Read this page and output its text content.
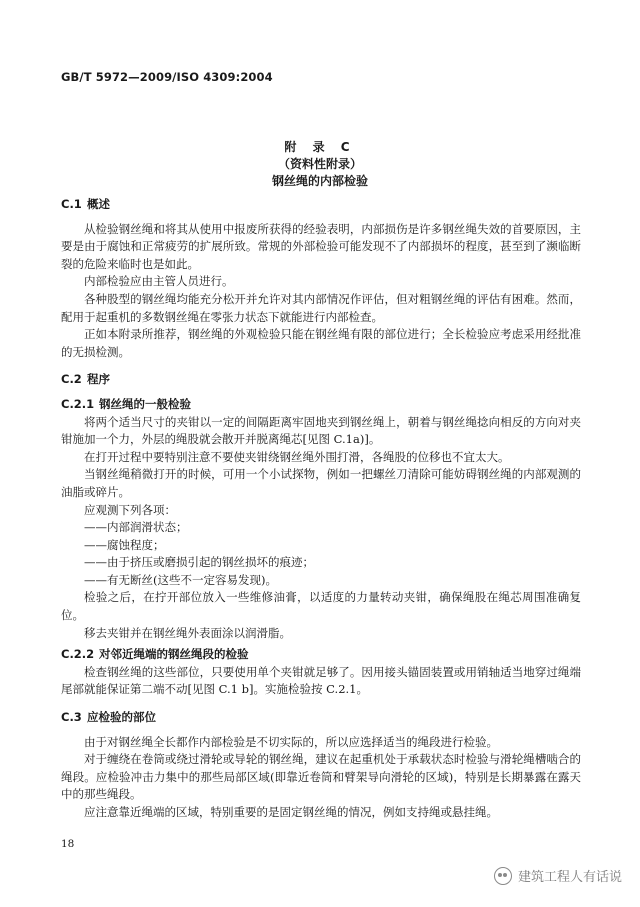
GB/T 5972—2009/ISO 4309:2004
附 录 C
（资料性附录）
钢丝绳的内部检验
C.1 概述

从检验钢丝绳和将其从使用中报废所获得的经验表明，内部损伤是许多钢丝绳失效的首要原因，主要是由于腐蚀和正常疲劳的扩展所致。常规的外部检验可能发现不了内部损坏的程度，甚至到了濒临断裂的危险来临时也是如此。

内部检验应由主管人员进行。

各种股型的钢丝绳均能充分松开并允许对其内部情况作评估，但对粗钢丝绳的评估有困难。然而，配用于起重机的多数钢丝绳在零张力状态下就能进行内部检查。

正如本附录所推荐，钢丝绳的外观检验只能在钢丝绳有限的部位进行；全长检验应考虑采用经批准的无损检测。

C.2 程序
C.2.1 钢丝绳的一般检验

将两个适当尺寸的夹钳以一定的间隔距离牢固地夹到钢丝绳上，朝着与钢丝绳捻向相反的方向对夹钳施加一个力，外层的绳股就会散开并脱离绳芯[见图 C.1a)]。

在打开过程中要特别注意不要使夹钳绕钢丝绳外围打滑，各绳股的位移也不宜太大。

当钢丝绳稍微打开的时候，可用一个小试探物，例如一把螺丝刀清除可能妨碍钢丝绳的内部观测的油脂或碎片。

应观测下列各项：

——内部润滑状态；

——腐蚀程度；

——由于挤压或磨损引起的钢丝损坏的痕迹；

——有无断丝(这些不一定容易发现)。

检验之后，在拧开部位放入一些维修油膏，以适度的力量转动夹钳，确保绳股在绳芯周围准确复位。

移去夹钳并在钢丝绳外表面涂以润滑脂。

C.2.2 对邻近绳端的钢丝绳段的检验

检查钢丝绳的这些部位，只要使用单个夹钳就足够了。因用接头锚固装置或用销轴适当地穿过绳端尾部就能保证第二端不动[见图 C.1 b]。实施检验按 C.2.1。

C.3 应检验的部位

由于对钢丝绳全长都作内部检验是不切实际的，所以应选择适当的绳段进行检验。

对于缠绕在卷筒或绕过滑轮或导轮的钢丝绳，建议在起重机处于承载状态时检验与滑轮绳槽啮合的绳段。应检验冲击力集中的那些局部区域(即靠近卷筒和臂架导向滑轮的区域)，特别是长期暴露在露天中的那些绳段。

应注意靠近绳端的区域，特别重要的是固定钢丝绳的情况，例如支持绳或悬挂绳。

18
建筑工程人有话说
